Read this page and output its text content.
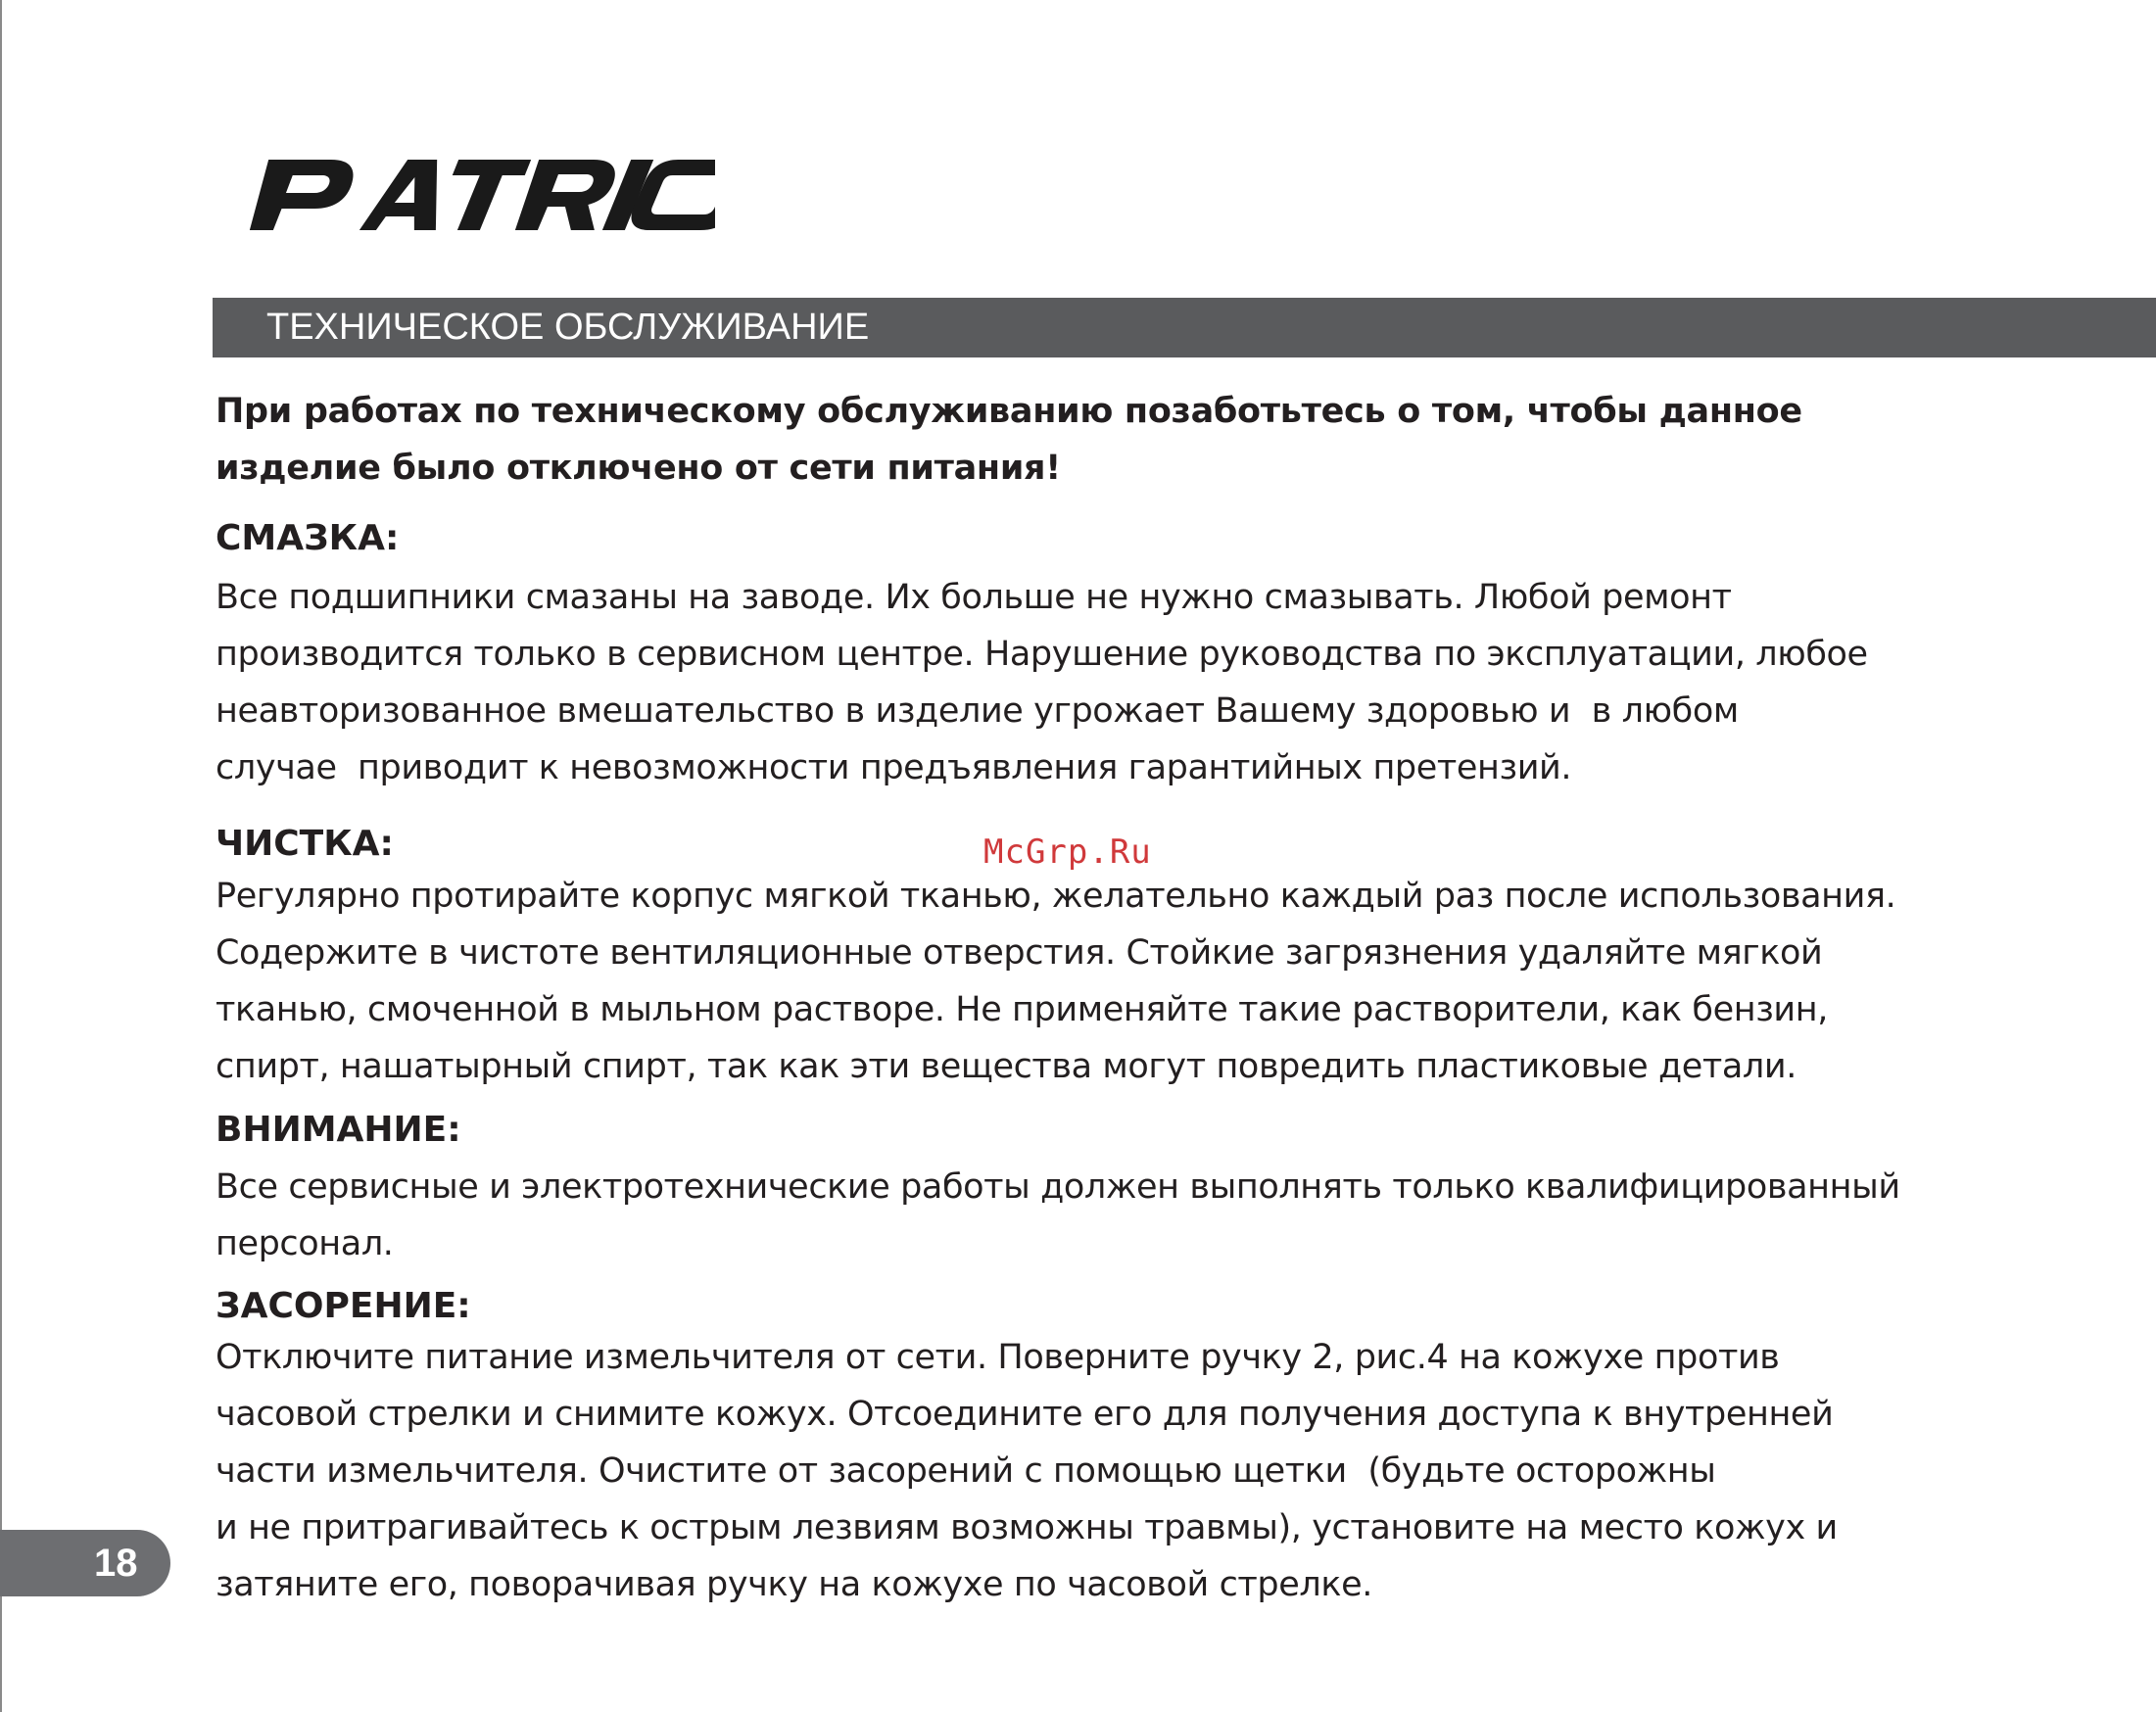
ТЕХНИЧЕСКОЕ ОБСЛУЖИВАНИЕ
При работах по техническому обслуживанию позаботьтесь о том, чтобы данное
изделие было отключено от сети питания!
СМАЗКА:
Все подшипники смазаны на заводе. Их больше не нужно смазывать. Любой ремонт
производится только в сервисном центре. Нарушение руководства по эксплуатации, любое
неавторизованное вмешательство в изделие угрожает Вашему здоровью и  в любом
случае  приводит к невозможности предъявления гарантийных претензий.
ЧИСТКА:
Регулярно протирайте корпус мягкой тканью, желательно каждый раз после использования.
Содержите в чистоте вентиляционные отверстия. Стойкие загрязнения удаляйте мягкой
тканью, смоченной в мыльном растворе. Не применяйте такие растворители, как бензин,
спирт, нашатырный спирт, так как эти вещества могут повредить пластиковые детали.
ВНИМАНИЕ:
Все сервисные и электротехнические работы должен выполнять только квалифицированный
персонал.
ЗАСОРЕНИЕ:
Отключите питание измельчителя от сети. Поверните ручку 2, рис.4 на кожухе против
часовой стрелки и снимите кожух. Отсоедините его для получения доступа к внутренней
части измельчителя. Очистите от засорений с помощью щетки  (будьте осторожны
и не притрагивайтесь к острым лезвиям возможны травмы), установите на место кожух и
затяните его, поворачивая ручку на кожухе по часовой стрелке.
McGrp.Ru
18
